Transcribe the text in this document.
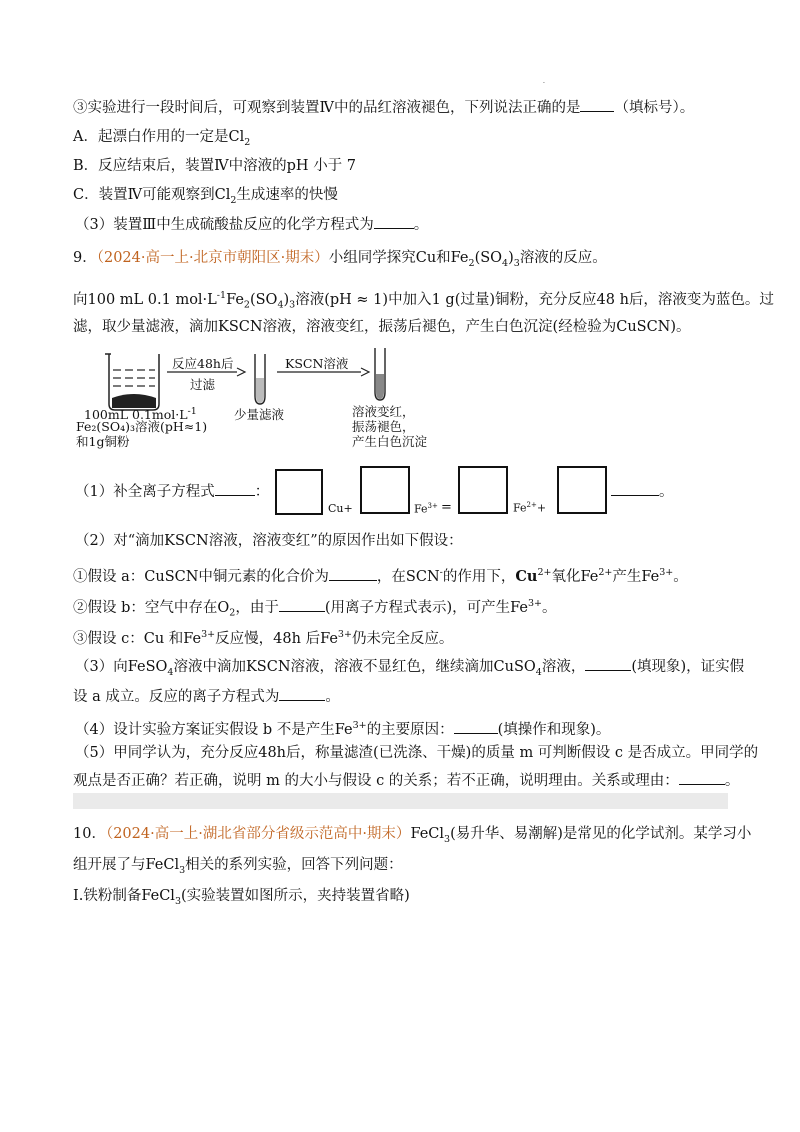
.
③实验进行一段时间后，可观察到装置Ⅳ中的品红溶液褪色，下列说法正确的是 （填标号）。
A．起漂白作用的一定是$Cl_2$
B．反应结束后，装置Ⅳ中溶液的pH 小于 7
C．装置Ⅳ可能观察到$Cl_2$生成速率的快慢
（3）装置Ⅲ中生成硫酸盐反应的化学方程式为	。
9．（2024·高一上·北京市朝阳区·期末）小组同学探究Cu和$Fe_2(SO_4)_3$溶液的反应。
向100 mL 0.1 $mol\cdot L^{-1}Fe_2(SO_4)_3$溶液(pH ≈ 1)中加入1 g(过量)铜粉，充分反应48 h后，溶液变为蓝色。过
滤，取少量滤液，滴加KSCN溶液，溶液变红，振荡后褪色，产生白色沉淀(经检验为CuSCN)。
反应48h后
过滤
KSCN溶液
100mL $0.1mol\cdot L^{-1}$
Fe₂(SO₄)₃溶液(pH≈1)
和1g铜粉
少量滤液	溶液变红，
振荡褪色，
产生白色沉淀
（1）补全离子方程式	：
Cu+	$Fe^{3+}$ =	$Fe^{2+}+$
。
（2）对“滴加KSCN溶液，溶液变红”的原因作出如下假设：
①假设 a：CuSCN中铜元素的化合价为	，在SCN-的作用下，$Cu^{2+}$氧化$Fe^{2+}$产生$Fe^{3+}$。
②假设 b：空气中存在$O_2$，由于	(用离子方程式表示)，可产生$Fe^{3+}$。
③假设 c：Cu 和$Fe^{3+}$反应慢，48h 后$Fe^{3+}$仍未完全反应。
（3）向FeSO$_4$溶液中滴加KSCN溶液，溶液不显红色，继续滴加CuSO$_4$溶液，	(填现象)，证实假
设 a 成立。反应的离子方程式为	。
（4）设计实验方案证实假设 b 不是产生$Fe^{3+}$的主要原因：	(填操作和现象)。
（5）甲同学认为，充分反应48h后，称量滤渣(已洗涤、干燥)的质量 m 可判断假设 c 是否成立。甲同学的
观点是否正确？若正确，说明 m 的大小与假设 c 的关系；若不正确，说明理由。关系或理由：	。
10．（2024·高一上·湖北省部分省级示范高中·期末）FeCl$_3$(易升华、易潮解)是常见的化学试剂。某学习小
组开展了与FeCl$_3$相关的系列实验，回答下列问题：
I.铁粉制备FeCl$_3$(实验装置如图所示，夹持装置省略)
